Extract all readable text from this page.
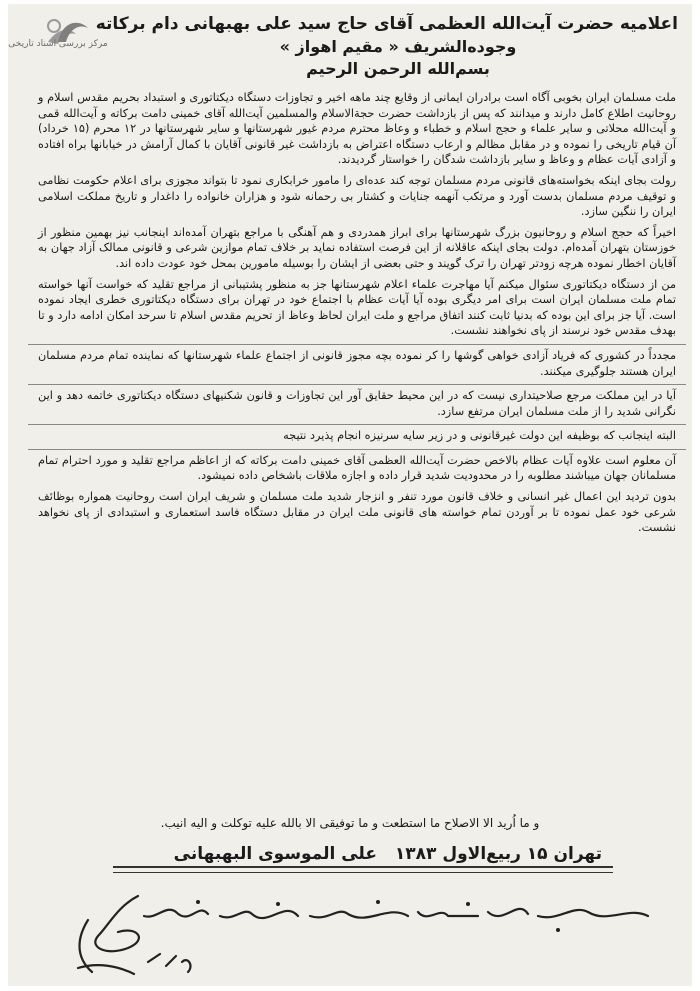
مرکز بررسی اسناد تاریخی
اعلامیه حضرت آیت‌الله العظمی آقای حاج سید علی بهبهانی دام برکاته
وجوده‌الشریف « مقیم اهواز »
بسم‌الله الرحمن الرحیم

ملت مسلمان ایران بخوبی آگاه است برادران ایمانی از وقایع چند ماهه اخیر و تجاوزات دستگاه دیکتاتوری و استبداد بحریم مقدس اسلام و روحانیت اطلاع کامل دارند و میدانند که پس از بازداشت حضرت حجة‌الاسلام والمسلمین آیت‌الله آقای خمینی دامت برکاته و آیت‌الله قمی و آیت‌الله محلاتی و سایر علماء و حجج اسلام و خطباء و وعاظ محترم مردم غیور شهرستانها و سایر شهرستانها در ۱۲ محرم (۱۵ خرداد) آن قیام تاریخی را نموده و در مقابل مظالم و ارعاب دستگاه اعتراض به بازداشت غیر قانونی آقایان با کمال آرامش در خیابانها براه افتاده و آزادی آیات عظام و وعاظ و سایر بازداشت شدگان را خواستار گردیدند.

رولت بجای اینکه بخواسته‌های قانونی مردم مسلمان توجه کند عده‌ای را مامور خرابکاری نمود تا بتواند مجوزی برای اعلام حکومت نظامی و توقیف مردم مسلمان بدست آورد و مرتکب آنهمه جنایات و کشتار بی رحمانه شود و هزاران خانواده را داغدار و تاریخ مملکت اسلامی ایران را ننگین سازد.

اخیراً که حجج اسلام و روحانیون بزرگ شهرستانها برای ابراز همدردی و هم آهنگی با مراجع بتهران آمده‌اند اینجانب نیز بهمین منظور از خوزستان بتهران آمده‌ام. دولت بجای اینکه عاقلانه از این فرصت استفاده نماید بر خلاف تمام موازین شرعی و قانونی ممالک آزاد جهان به آقایان اخطار نموده هرچه زودتر تهران را ترک گویند و حتی بعضی از ایشان را بوسیله مامورین بمحل خود عودت داده اند.

من از دستگاه دیکتاتوری سئوال میکنم آیا مهاجرت علماء اعلام شهرستانها جز به منظور پشتیبانی از مراجع تقلید که خواست آنها خواسته تمام ملت مسلمان ایران است برای امر دیگری بوده آیا آیات عظام با اجتماع خود در تهران برای دستگاه دیکتاتوری خطری ایجاد نموده است. آیا جز برای این بوده که بدنیا ثابت کنند اتفاق مراجع و ملت ایران لحاظ وعاظ از تحریم مقدس اسلام تا سرحد امکان ادامه دارد و تا بهدف مقدس خود نرسند از پای نخواهند نشست.

مجدداً در کشوری که فریاد آزادی خواهی گوشها را کر نموده بچه مجوز قانونی از اجتماع علماء شهرستانها که نماینده تمام مردم مسلمان ایران هستند جلوگیری میکنند.

آیا در این مملکت مرجع صلاحیتداری نیست که در این محیط حقایق آور این تجاوزات و قانون شکنیهای دستگاه دیکتاتوری خاتمه دهد و این نگرانی شدید را از ملت مسلمان ایران مرتفع سازد.

البته اینجانب که بوظیفه این دولت غیرقانونی و در زیر سایه سرنیزه انجام پذیرد نتیجه

آن معلوم است علاوه آیات عظام بالاخص حضرت آیت‌الله العظمی آقای خمینی دامت برکاته که از اعاظم مراجع تقلید و مورد احترام تمام مسلمانان جهان میباشند مطلوبه را در محدودیت شدید قرار داده و اجازه ملاقات باشخاص داده نمیشود.

بدون تردید این اعمال غیر انسانی و خلاف قانون مورد تنفر و انزجار شدید ملت مسلمان و شریف ایران است روحانیت همواره بوظائف شرعی خود عمل نموده تا بر آوردن تمام خواسته های قانونی ملت ایران در مقابل دستگاه فاسد استعماری و استبدادی از پای نخواهد نشست.

و ما اُرید الا الاصلاح ما استطعت و ما توفیقی الا بالله علیه توکلت و الیه انیب.
تهران ۱۵ ربیع‌الاول ۱۳۸۳ علی الموسوی البهبهانی
